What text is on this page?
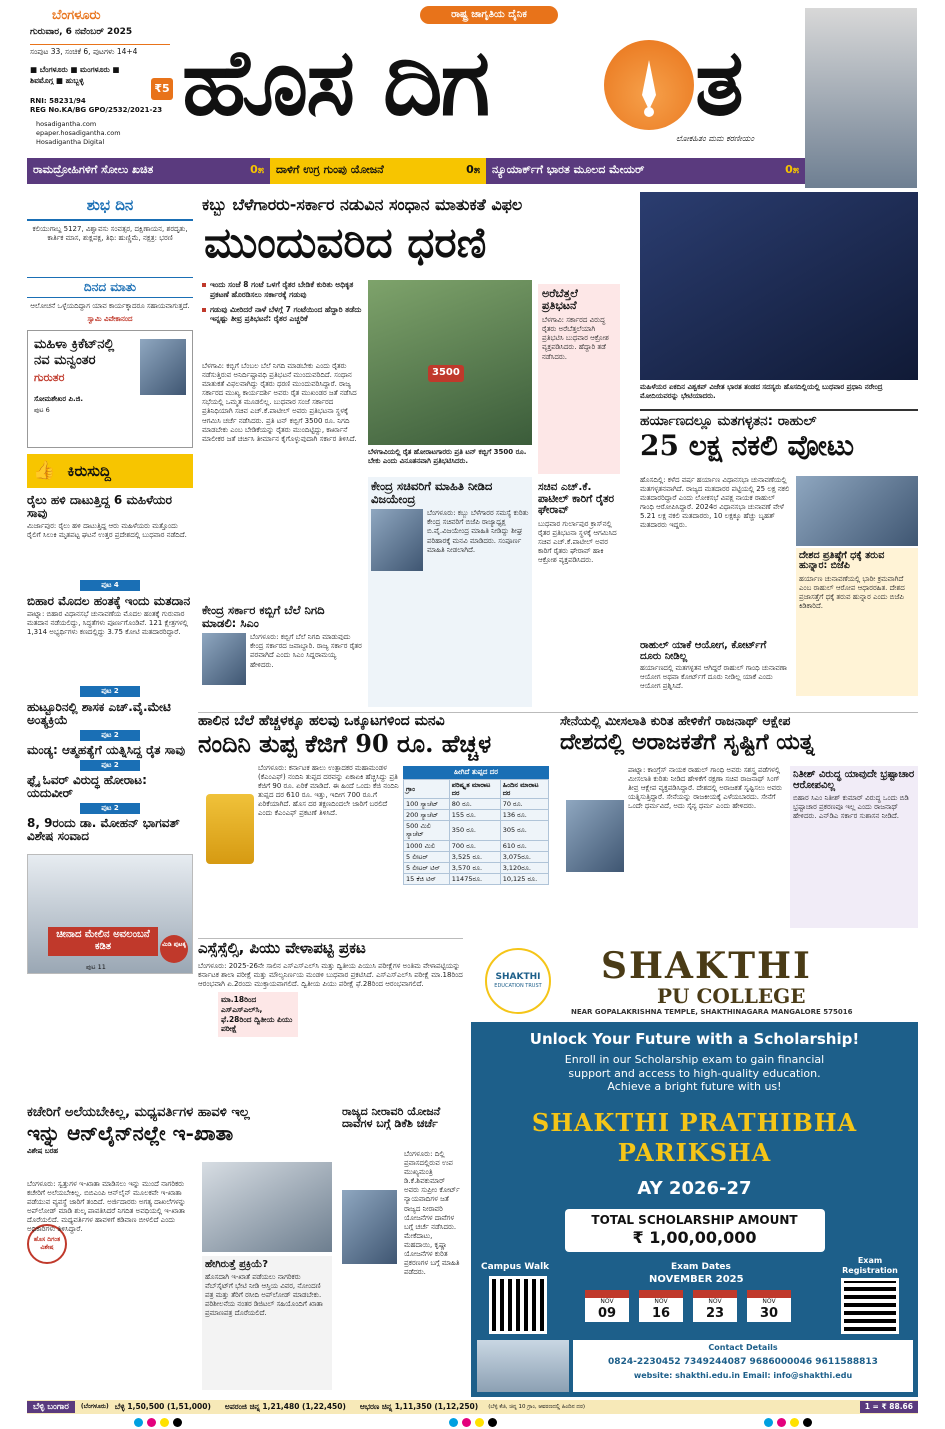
ಬೆಂಗಳೂರು
ಗುರುವಾರ, 6 ನವೆಂಬರ್ 2025
ಸಂಪುಟ 33, ಸಂಚಿಕೆ 6, ಪುಟಗಳು 14+4
■ ಬೆಂಗಳೂರು ■ ಮಂಗಳೂರು ■ ಶಿವಮೊಗ್ಗ ■ ಹುಬ್ಬಳ್ಳಿ
₹5
RNI: 58231/94
REG No.KA/BG GPO/2532/2021-23
hosadigantha.com
epaper.hosadigantha.com
Hosadigantha Digital
ರಾಷ್ಟ್ರ ಜಾಗೃತಿಯ ದೈನಿಕ
ಹೊಸ ದಿಗ	ತ
ಲೋಕಹಿತಂ ಮಮ ಕರಣೀಯಂ
ರಾಮದ್ರೋಹಿಗಳಿಗೆ ಸೋಲು ಖಚಿತ	0೫ ದಾಳಿಗೆ ಉಗ್ರ ಗುಂಪು ಯೋಜನೆ	0೫ ನ್ಯೂಯಾರ್ಕ್‌ಗೆ ಭಾರತ ಮೂಲದ ಮೇಯರ್	0೫
ಶುಭ ದಿನ
ಕಲಿಯುಗಾಬ್ದ 5127, ವಿಶ್ವಾವಸು ಸಂವತ್ಸರ, ದಕ್ಷಿಣಾಯನ, ಶರದೃತು, ಕಾರ್ತಿಕ ಮಾಸ, ಶುಕ್ಲಪಕ್ಷ, ತಿಥಿ: ಹುಣ್ಣಿಮೆ, ನಕ್ಷತ್ರ: ಭರಣಿ
ದಿನದ ಮಾತು
ಆಲೋಚನೆ ಒಳ್ಳೆಯದಿದ್ದಾಗ ಯಾವ ಕಾರ್ಯಕ್ಕಾದರೂ ಸಹಾಯವಾಗುತ್ತದೆ.
ಸ್ವಾಮಿ ವಿವೇಕಾನಂದ
ಮಹಿಳಾ ಕ್ರಿಕೆಟ್‌ನಲ್ಲಿ ನವ ಮನ್ವಂತರ
ಗುರುತರ
ಸೋಮಶೇಖರ ಪಿ.ಜಿ.
ಪುಟ 6
👍 ಕಿರುಸುದ್ದಿ
ರೈಲು ಹಳಿ ದಾಟುತ್ತಿದ್ದ 6 ಮಹಿಳೆಯರ ಸಾವು
ಮಿರ್ಜಾಪುರ: ರೈಲು ಹಳಿ ದಾಟುತ್ತಿದ್ದ ಆರು ಮಹಿಳೆಯರು ಮತ್ತೊಂದು ರೈಲಿಗೆ ಸಿಲುಕಿ ಮೃತಪಟ್ಟ ಘಟನೆ ಉತ್ತರ ಪ್ರದೇಶದಲ್ಲಿ ಬುಧವಾರ ನಡೆದಿದೆ.
ಪುಟ 4
ಬಿಹಾರ ಮೊದಲ ಹಂತಕ್ಕೆ ಇಂದು ಮತದಾನ
ಪಾಟ್ನಾ: ಬಿಹಾರ ವಿಧಾನಸಭೆ ಚುನಾವಣೆಯ ಮೊದಲ ಹಂತಕ್ಕೆ ಗುರುವಾರ ಮತದಾನ ನಡೆಯಲಿದ್ದು, ಸಿದ್ಧತೆಗಳು ಪೂರ್ಣಗೊಂಡಿವೆ. 121 ಕ್ಷೇತ್ರಗಳಲ್ಲಿ 1,314 ಅಭ್ಯರ್ಥಿಗಳು ಕಣದಲ್ಲಿದ್ದು 3.75 ಕೋಟಿ ಮತದಾರರಿದ್ದಾರೆ.
ಪುಟ 2
ಹುಟ್ಟೂರಿನಲ್ಲಿ ಶಾಸಕ ಎಚ್.ವೈ.ಮೇಟಿ ಅಂತ್ಯಕ್ರಿಯೆ
ಪುಟ 2
ಮಂಡ್ಯ: ಆತ್ಮಹತ್ಯೆಗೆ ಯತ್ನಿಸಿದ್ದ ರೈತ ಸಾವು
ಪುಟ 2
ಫ್ಲೈ ಓವರ್ ವಿರುದ್ಧ ಹೋರಾಟ: ಯದುವೀರ್
ಪುಟ 2
8, 9ರಂದು ಡಾ. ಮೋಹನ್ ಭಾಗವತ್ ವಿಶೇಷ ಸಂವಾದ
ಚೀನಾದ ಮೇಲಿನ ಅವಲಂಬನೆ ಕಡಿತ
ಪುಟ 11
ಮಿಡಿ ಪುಟಕ್ಕ
ಕಬ್ಬು ಬೆಳೆಗಾರರು-ಸರ್ಕಾರ ನಡುವಿನ ಸಂಧಾನ ಮಾತುಕತೆ ವಿಫಲ
ಮುಂದುವರಿದ ಧರಣಿ
ಇಂದು ಸಂಜೆ 8 ಗಂಟೆ ಒಳಗೆ ರೈತರ ಬೇಡಿಕೆ ಕುರಿತು ಅಧಿಕೃತ ಪ್ರಕಟಣೆ ಹೊರಡಿಸಲು ಸರ್ಕಾರಕ್ಕೆ ಗಡುವು
ಗಡುವು ಮೀರಿದರೆ ನಾಳೆ ಬೆಳಗ್ಗೆ 7 ಗಂಟೆಯಿಂದ ಹೆದ್ದಾರಿ ತಡೆದು ಇನ್ನಷ್ಟು ತೀವ್ರ ಪ್ರತಿಭಟನೆ: ರೈತರ ಎಚ್ಚರಿಕೆ
ಬೆಳಗಾವಿ: ಕಬ್ಬಿಗೆ ಬೆಂಬಲ ಬೆಲೆ ನಿಗದಿ ಮಾಡಬೇಕು ಎಂದು ರೈತರು ನಡೆಸುತ್ತಿರುವ ಅನಿರ್ದಿಷ್ಟಾವಧಿ ಪ್ರತಿಭಟನೆ ಮುಂದುವರಿದಿದೆ. ಸಂಧಾನ ಮಾತುಕತೆ ವಿಫಲವಾಗಿದ್ದು ರೈತರು ಧರಣಿ ಮುಂದುವರಿಸಿದ್ದಾರೆ. ರಾಜ್ಯ ಸರ್ಕಾರದ ಮುಖ್ಯ ಕಾರ್ಯದರ್ಶಿ ಅವರು ರೈತ ಮುಖಂಡರ ಜತೆ ನಡೆಸಿದ ಸಭೆಯಲ್ಲಿ ಒಮ್ಮತ ಮೂಡಲಿಲ್ಲ. ಬುಧವಾರ ಸಂಜೆ ಸರ್ಕಾರದ ಪ್ರತಿನಿಧಿಯಾಗಿ ಸಚಿವ ಎಚ್.ಕೆ.ಪಾಟೀಲ್ ಅವರು ಪ್ರತಿಭಟನಾ ಸ್ಥಳಕ್ಕೆ ಆಗಮಿಸಿ ಚರ್ಚೆ ನಡೆಸಿದರು. ಪ್ರತಿ ಟನ್ ಕಬ್ಬಿಗೆ 3500 ರೂ. ನಿಗದಿ ಮಾಡಬೇಕು ಎಂಬ ಬೇಡಿಕೆಯನ್ನು ರೈತರು ಮುಂದಿಟ್ಟಿದ್ದು, ಕಾರ್ಖಾನೆ ಮಾಲೀಕರ ಜತೆ ಚರ್ಚಿಸಿ ತೀರ್ಮಾನ ಕೈಗೊಳ್ಳುವುದಾಗಿ ಸರ್ಕಾರ ತಿಳಿಸಿದೆ.
3500
ಬೆಳಗಾವಿಯಲ್ಲಿ ರೈತ ಹೋರಾಟಗಾರರು ಪ್ರತಿ ಟನ್ ಕಬ್ಬಿಗೆ 3500 ರೂ. ಬೇಕು ಎಂದು ವಿನೂತನವಾಗಿ ಪ್ರತಿಭಟಿಸಿದರು.
ಅರೆಬೆತ್ತಲೆ ಪ್ರತಿಭಟನೆ
ಬೆಳಗಾವಿ: ಸರ್ಕಾರದ ವಿರುದ್ಧ ರೈತರು ಅರೆಬೆತ್ತಲೆಯಾಗಿ ಪ್ರತಿಭಟಿಸಿ ಬುಧವಾರ ಆಕ್ರೋಶ ವ್ಯಕ್ತಪಡಿಸಿದರು. ಹೆದ್ದಾರಿ ತಡೆ ನಡೆಸಿದರು.
ಕೇಂದ್ರ ಸರ್ಕಾರ ಕಬ್ಬಿಗೆ ಬೆಲೆ ನಿಗದಿ ಮಾಡಲಿ: ಸಿಎಂ
ಬೆಂಗಳೂರು: ಕಬ್ಬಿಗೆ ಬೆಲೆ ನಿಗದಿ ಮಾಡುವುದು ಕೇಂದ್ರ ಸರ್ಕಾರದ ಜವಾಬ್ದಾರಿ. ರಾಜ್ಯ ಸರ್ಕಾರ ರೈತರ ಪರವಾಗಿದೆ ಎಂದು ಸಿಎಂ ಸಿದ್ದರಾಮಯ್ಯ ಹೇಳಿದರು.
ಕೇಂದ್ರ ಸಚಿವರಿಗೆ ಮಾಹಿತಿ ನೀಡಿದ ವಿಜಯೇಂದ್ರ
ಬೆಂಗಳೂರು: ಕಬ್ಬು ಬೆಳೆಗಾರರ ಸಮಸ್ಯೆ ಕುರಿತು ಕೇಂದ್ರ ಸಚಿವರಿಗೆ ಬಿಜೆಪಿ ರಾಜ್ಯಾಧ್ಯಕ್ಷ ಬಿ.ವೈ.ವಿಜಯೇಂದ್ರ ಮಾಹಿತಿ ನೀಡಿದ್ದು ಶೀಘ್ರ ಪರಿಹಾರಕ್ಕೆ ಮನವಿ ಮಾಡಿದರು. ಸಂಪೂರ್ಣ ಮಾಹಿತಿ ನೀಡಲಾಗಿದೆ.
ಸಚಿವ ಎಚ್.ಕೆ. ಪಾಟೀಲ್ ಕಾರಿಗೆ ರೈತರ ಘೇರಾವ್
ಬುಧವಾರ ಗುರ್ಲಾಪುರ ಕ್ರಾಸ್‌ನಲ್ಲಿ ರೈತರ ಪ್ರತಿಭಟನಾ ಸ್ಥಳಕ್ಕೆ ಆಗಮಿಸಿದ ಸಚಿವ ಎಚ್.ಕೆ.ಪಾಟೀಲ್ ಅವರ ಕಾರಿಗೆ ರೈತರು ಘೇರಾವ್ ಹಾಕಿ ಆಕ್ರೋಶ ವ್ಯಕ್ತಪಡಿಸಿದರು.
ಮಹಿಳೆಯರ ಏಕದಿನ ವಿಶ್ವಕಪ್ ವಿಜೇತ ಭಾರತ ತಂಡದ ಸದಸ್ಯರು ಹೊಸದಿಲ್ಲಿಯಲ್ಲಿ ಬುಧವಾರ ಪ್ರಧಾನಿ ನರೇಂದ್ರ ಮೋದಿಯವರನ್ನು ಭೇಟಿಯಾದರು.
ಹರ್ಯಾಣದಲ್ಲೂ ಮತಗಳ್ಳತನ: ರಾಹುಲ್
25 ಲಕ್ಷ ನಕಲಿ ವೋಟು
ಹೊಸದಿಲ್ಲಿ: ಕಳೆದ ವರ್ಷ ಹರ್ಯಾಣ ವಿಧಾನಸಭಾ ಚುನಾವಣೆಯಲ್ಲಿ ಮತಗಳ್ಳತನವಾಗಿದೆ. ರಾಜ್ಯದ ಮತದಾರರ ಪಟ್ಟಿಯಲ್ಲಿ 25 ಲಕ್ಷ ನಕಲಿ ಮತದಾರರಿದ್ದಾರೆ ಎಂದು ಲೋಕಸಭೆ ವಿಪಕ್ಷ ನಾಯಕ ರಾಹುಲ್ ಗಾಂಧಿ ಆರೋಪಿಸಿದ್ದಾರೆ. 2024ರ ವಿಧಾನಸಭಾ ಚುನಾವಣೆ ವೇಳೆ 5.21 ಲಕ್ಷ ನಕಲಿ ಮತದಾರರು, 10 ಲಕ್ಷಕ್ಕೂ ಹೆಚ್ಚು ಬೃಹತ್ ಮತದಾರರು ಇದ್ದರು.
ದೇಶದ ಪ್ರತಿಷ್ಠೆಗೆ ಧಕ್ಕೆ ತರುವ ಹುನ್ನಾರ: ಬಿಜೆಪಿ
ಹರ್ಯಾಣ ಚುನಾವಣೆಯಲ್ಲಿ ಭಾರೀ ಕ್ರಮವಾಗಿದೆ ಎಂಬ ರಾಹುಲ್ ಆರೋಪ ಆಧಾರರಹಿತ. ದೇಶದ ಪ್ರಜಾಸತ್ತೆಗೆ ಧಕ್ಕೆ ತರುವ ಹುನ್ನಾರ ಎಂದು ಬಿಜೆಪಿ ಕಿಡಿಕಾರಿದೆ.
ರಾಹುಲ್ ಯಾಕೆ ಆಯೋಗ, ಕೋರ್ಟ್‌ಗೆ ದೂರು ನೀಡಿಲ್ಲ
ಹರ್ಯಾಣದಲ್ಲಿ ಮತಗಳ್ಳತನ ಆಗಿದ್ದರೆ ರಾಹುಲ್ ಗಾಂಧಿ ಚುನಾವಣಾ ಆಯೋಗ ಅಥವಾ ಕೋರ್ಟ್‌ಗೆ ದೂರು ನೀಡಿಲ್ಲ ಯಾಕೆ ಎಂದು ಆಯೋಗ ಪ್ರಶ್ನಿಸಿದೆ.
ಹಾಲಿನ ಬೆಲೆ ಹೆಚ್ಚಳಕ್ಕೂ ಹಲವು ಒಕ್ಕೂಟಗಳಿಂದ ಮನವಿ
ನಂದಿನಿ ತುಪ್ಪ ಕೆಜಿಗೆ 90 ರೂ. ಹೆಚ್ಚಳ
ಬೆಂಗಳೂರು: ಕರ್ನಾಟಕ ಹಾಲು ಉತ್ಪಾದಕರ ಮಹಾಮಂಡಳ (ಕೆಎಂಎಫ್) ನಂದಿನಿ ತುಪ್ಪದ ದರವನ್ನು ಏಕಾಏಕಿ ಹೆಚ್ಚಿಸಿದ್ದು ಪ್ರತಿ ಕೆಜಿಗೆ 90 ರೂ. ಏರಿಕೆ ಮಾಡಿದೆ. ಈ ಹಿಂದೆ ಒಂದು ಕೆಜಿ ನಂದಿನಿ ತುಪ್ಪದ ದರ 610 ರೂ. ಇತ್ತು, ಇದೀಗ 700 ರೂ.ಗೆ ಏರಿಕೆಯಾಗಿದೆ. ಹೊಸ ದರ ತಕ್ಷಣದಿಂದಲೇ ಜಾರಿಗೆ ಬರಲಿದೆ ಎಂದು ಕೆಎಂಎಫ್ ಪ್ರಕಟಣೆ ತಿಳಿಸಿದೆ.
ಹೀಗಿದೆ ತುಪ್ಪದ ದರ
ಗ್ರಾಂ	ಪರಿಷ್ಕೃತ ಮಾರಾಟ ದರ	ಹಿಂದಿನ ಮಾರಾಟ ದರ
100 ಸ್ಯಾಚೆಟ್	80 ರೂ.	70 ರೂ.
200 ಸ್ಯಾಚೆಟ್	155 ರೂ.	136 ರೂ.
500 ಮಿಲಿ ಸ್ಯಾಚೆಟ್	350 ರೂ.	305 ರೂ.
1000 ಮಿಲಿ	700 ರೂ.	610 ರೂ.
5 ಲೀಟರ್	3,525 ರೂ.	3,075ರೂ.
5 ಲೀಟರ್ ಟಿನ್	3,570 ರೂ.	3,120ರೂ.
15 ಕೆಜಿ ಟಿನ್	11475ರೂ.	10,125 ರೂ.
ಸೇನೆಯಲ್ಲಿ ಮೀಸಲಾತಿ ಕುರಿತ ಹೇಳಿಕೆಗೆ ರಾಜನಾಥ್ ಆಕ್ಷೇಪ
ದೇಶದಲ್ಲಿ ಅರಾಜಕತೆಗೆ ಸೃಷ್ಟಿಗೆ ಯತ್ನ
ಪಾಟ್ನಾ: ಕಾಂಗ್ರೆಸ್ ನಾಯಕ ರಾಹುಲ್ ಗಾಂಧಿ ಅವರು ಸಶಸ್ತ್ರ ಪಡೆಗಳಲ್ಲಿ ಮೀಸಲಾತಿ ಕುರಿತು ನೀಡಿದ ಹೇಳಿಕೆಗೆ ರಕ್ಷಣಾ ಸಚಿವ ರಾಜನಾಥ್ ಸಿಂಗ್ ತೀವ್ರ ಆಕ್ಷೇಪ ವ್ಯಕ್ತಪಡಿಸಿದ್ದಾರೆ. ದೇಶದಲ್ಲಿ ಅರಾಜಕತೆ ಸೃಷ್ಟಿಸಲು ಅವರು ಯತ್ನಿಸುತ್ತಿದ್ದಾರೆ. ಸೇನೆಯನ್ನು ರಾಜಕೀಯಕ್ಕೆ ಎಳೆಯಬಾರದು. ಸೇನೆಗೆ ಒಂದೇ ಧರ್ಮವಿದೆ, ಅದು ಸೈನ್ಯ ಧರ್ಮ ಎಂದು ಹೇಳಿದರು.
ನಿತೀಶ್ ವಿರುದ್ಧ ಯಾವುದೇ ಭ್ರಷ್ಟಾಚಾರ ಆರೋಪವಿಲ್ಲ
ಬಿಹಾರ ಸಿಎಂ ನಿತೀಶ್ ಕುಮಾರ್ ವಿರುದ್ಧ ಒಂದು ಬಿಡಿ ಭ್ರಷ್ಟಾಚಾರ ಪ್ರಕರಣವೂ ಇಲ್ಲ ಎಂದು ರಾಜನಾಥ್ ಹೇಳಿದರು. ಎನ್‌ಡಿಎ ಸರ್ಕಾರ ಸುಶಾಸನ ನೀಡಿದೆ.
ಎಸ್ಸೆಸ್ಸೆಲ್ಸಿ, ಪಿಯು ವೇಳಾಪಟ್ಟಿ ಪ್ರಕಟ
ಮಾ.18ರಿಂದ ಎಸ್‌ಎಸ್‌ಎಲ್‌ಸಿ, ಫೆ.28ರಿಂದ ದ್ವಿತೀಯ ಪಿಯು ಪರೀಕ್ಷೆ
ಬೆಂಗಳೂರು: 2025-26ನೇ ಸಾಲಿನ ಎಸ್‌ಎಸ್‌ಎಲ್‌ಸಿ ಮತ್ತು ದ್ವಿತೀಯ ಪಿಯುಸಿ ಪರೀಕ್ಷೆಗಳ ಅಂತಿಮ ವೇಳಾಪಟ್ಟಿಯನ್ನು ಕರ್ನಾಟಕ ಶಾಲಾ ಪರೀಕ್ಷೆ ಮತ್ತು ಮೌಲ್ಯನಿರ್ಣಯ ಮಂಡಳಿ ಬುಧವಾರ ಪ್ರಕಟಿಸಿದೆ. ಎಸ್‌ಎಸ್‌ಎಲ್‌ಸಿ ಪರೀಕ್ಷೆ ಮಾ.18ರಿಂದ ಆರಂಭವಾಗಿ ಏ.2ರಂದು ಮುಕ್ತಾಯವಾಗಲಿದೆ. ದ್ವಿತೀಯ ಪಿಯು ಪರೀಕ್ಷೆ ಫೆ.28ರಿಂದ ಆರಂಭವಾಗಲಿದೆ.
ಕಚೇರಿಗೆ ಅಲೆಯಬೇಕಿಲ್ಲ, ಮಧ್ಯವರ್ತಿಗಳ ಹಾವಳಿ ಇಲ್ಲ
ಇನ್ನು ಆನ್‌ಲೈನ್‌ನಲ್ಲೇ ಇ-ಖಾತಾ
ವಿಶೇಷ ಬರಹ
ಹೊಸ ದಿಗಂತ ವಿಶೇಷ
ಬೆಂಗಳೂರು: ಸ್ವತ್ತುಗಳ ಇ-ಖಾತಾ ಮಾಡಿಸಲು ಇನ್ನು ಮುಂದೆ ನಾಗರಿಕರು ಕಚೇರಿಗೆ ಅಲೆಯಬೇಕಿಲ್ಲ. ಬಿಬಿಎಂಪಿ ಆನ್‌ಲೈನ್ ಮೂಲಕವೇ ಇ-ಖಾತಾ ಪಡೆಯುವ ವ್ಯವಸ್ಥೆ ಜಾರಿಗೆ ತಂದಿದೆ. ಅರ್ಜಿದಾರರು ಅಗತ್ಯ ದಾಖಲೆಗಳನ್ನು ಅಪ್‌ಲೋಡ್ ಮಾಡಿ ಶುಲ್ಕ ಪಾವತಿಸಿದರೆ ನಿಗದಿತ ಅವಧಿಯಲ್ಲಿ ಇ-ಖಾತಾ ದೊರೆಯಲಿದೆ. ಮಧ್ಯವರ್ತಿಗಳ ಹಾವಳಿಗೆ ಕಡಿವಾಣ ಬೀಳಲಿದೆ ಎಂದು ಅಧಿಕಾರಿಗಳು ತಿಳಿಸಿದ್ದಾರೆ.
ಹೇಗಿರುತ್ತೆ ಪ್ರಕ್ರಿಯೆ?
ಹೊಸದಾಗಿ ಇ-ಖಾತೆ ಪಡೆಯಲು ನಾಗರಿಕರು ವೆಬ್‌ಸೈಟ್‌ಗೆ ಭೇಟಿ ನೀಡಿ ಆಸ್ತಿಯ ವಿವರ, ನೋಂದಣಿ ಪತ್ರ ಮತ್ತು ತೆರಿಗೆ ರಸೀದಿ ಅಪ್‌ಲೋಡ್ ಮಾಡಬೇಕು. ಪರಿಶೀಲನೆಯ ನಂತರ ಡಿಜಿಟಲ್ ಸಹಿಯೊಂದಿಗೆ ಖಾತಾ ಪ್ರಮಾಣಪತ್ರ ದೊರೆಯಲಿದೆ.
ರಾಜ್ಯದ ನೀರಾವರಿ ಯೋಜನೆ ದಾವೆಗಳ ಬಗ್ಗೆ ಡಿಕೆಶಿ ಚರ್ಚೆ
ಬೆಂಗಳೂರು: ದಿಲ್ಲಿ ಪ್ರವಾಸದಲ್ಲಿರುವ ಉಪ ಮುಖ್ಯಮಂತ್ರಿ ಡಿ.ಕೆ.ಶಿವಕುಮಾರ್ ಅವರು ಸುಪ್ರೀಂ ಕೋರ್ಟ್ ನ್ಯಾಯವಾದಿಗಳ ಜತೆ ರಾಜ್ಯದ ನೀರಾವರಿ ಯೋಜನೆಗಳ ದಾವೆಗಳ ಬಗ್ಗೆ ಚರ್ಚೆ ನಡೆಸಿದರು. ಮೇಕೆದಾಟು, ಮಹದಾಯಿ, ಕೃಷ್ಣಾ ಯೋಜನೆಗಳ ಕುರಿತ ಪ್ರಕರಣಗಳ ಬಗ್ಗೆ ಮಾಹಿತಿ ಪಡೆದರು.
SHAKTHI
EDUCATION TRUST SHAKTHI
PU COLLEGE
NEAR GOPALAKRISHNA TEMPLE, SHAKTHINAGARA MANGALORE 575016
Unlock Your Future with a Scholarship!
Enroll in our Scholarship exam to gain financial
support and access to high-quality education.
Achieve a bright future with us!
SHAKTHI PRATHIBHA PARIKSHA
AY 2026-27
TOTAL SCHOLARSHIP AMOUNT
₹ 1,00,00,000
Campus Walk	Exam Dates
NOVEMBER 2025
NOV
09
NOV
16
NOV
23
NOV
30
Exam Registration
Contact Details
0824-2230452 7349244087 9686000046 9611588813
website: shakthi.edu.in Email: info@shakthi.edu
ಬೆಳ್ಳಿ ಬಂಗಾರ	(ಬೆಂಗಳೂರು) ಬೆಳ್ಳಿ 1,50,500 (1,51,000) ಅಪರಂಜಿ ಚಿನ್ನ 1,21,480 (1,22,450) ಆಭರಣ ಚಿನ್ನ 1,11,350 (1,12,250) (ಬೆಳ್ಳಿ ಕೆಜಿ, ಚಿನ್ನ 10 ಗ್ರಾಂ, ಆವರಣದಲ್ಲಿ ಹಿಂದಿನ ದರ)	1 = ₹ 88.66
